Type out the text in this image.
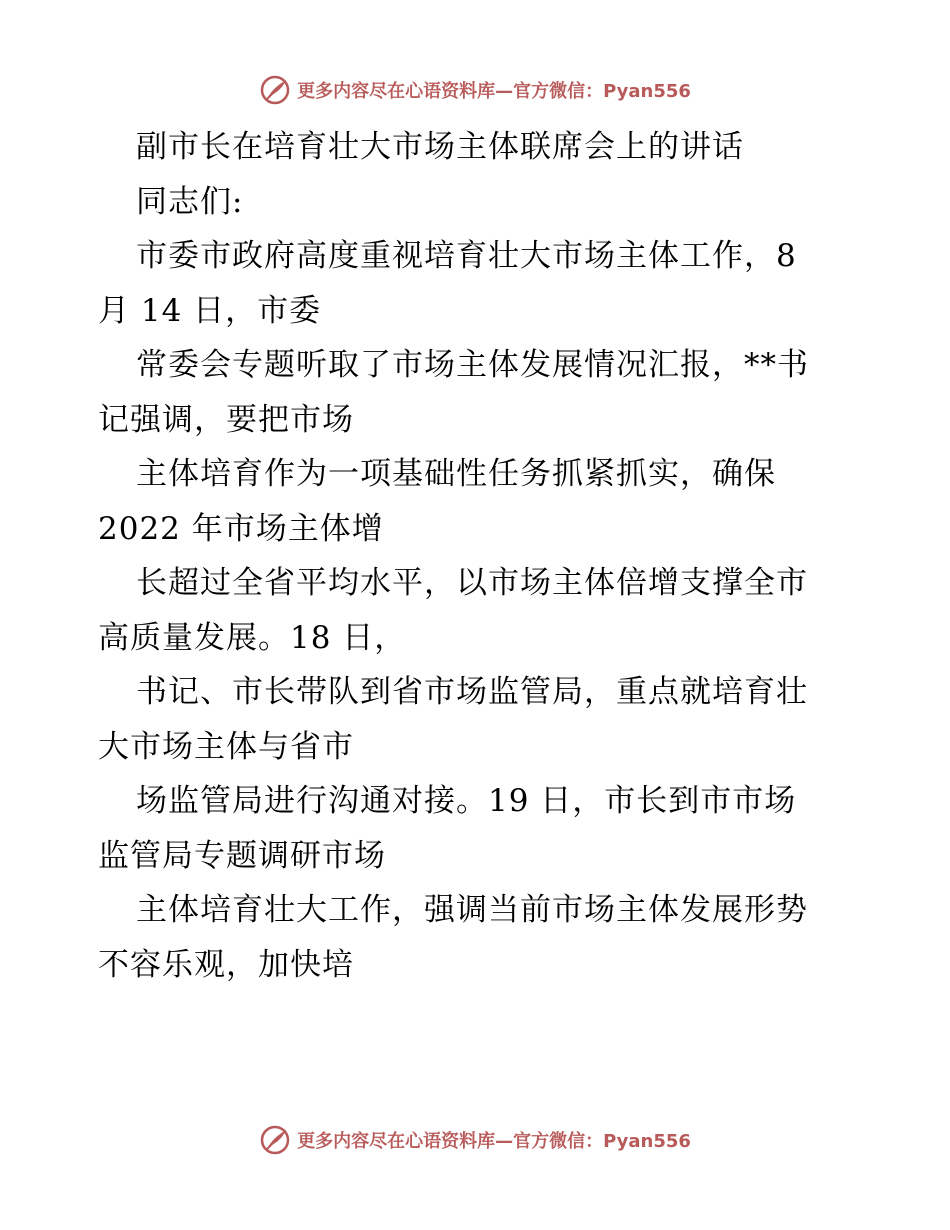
更多内容尽在心语资料库—官方微信：Pyan556
副市长在培育壮大市场主体联席会上的讲话
同志们:
市委市政府高度重视培育壮大市场主体工作，8
月 14 日，市委
常委会专题听取了市场主体发展情况汇报，**书
记强调，要把市场
主体培育作为一项基础性任务抓紧抓实，确保
2022 年市场主体增
长超过全省平均水平，以市场主体倍增支撑全市
高质量发展。18 日，
书记、市长带队到省市场监管局，重点就培育壮
大市场主体与省市
场监管局进行沟通对接。19 日，市长到市市场
监管局专题调研市场
主体培育壮大工作，强调当前市场主体发展形势
不容乐观，加快培
更多内容尽在心语资料库—官方微信：Pyan556
